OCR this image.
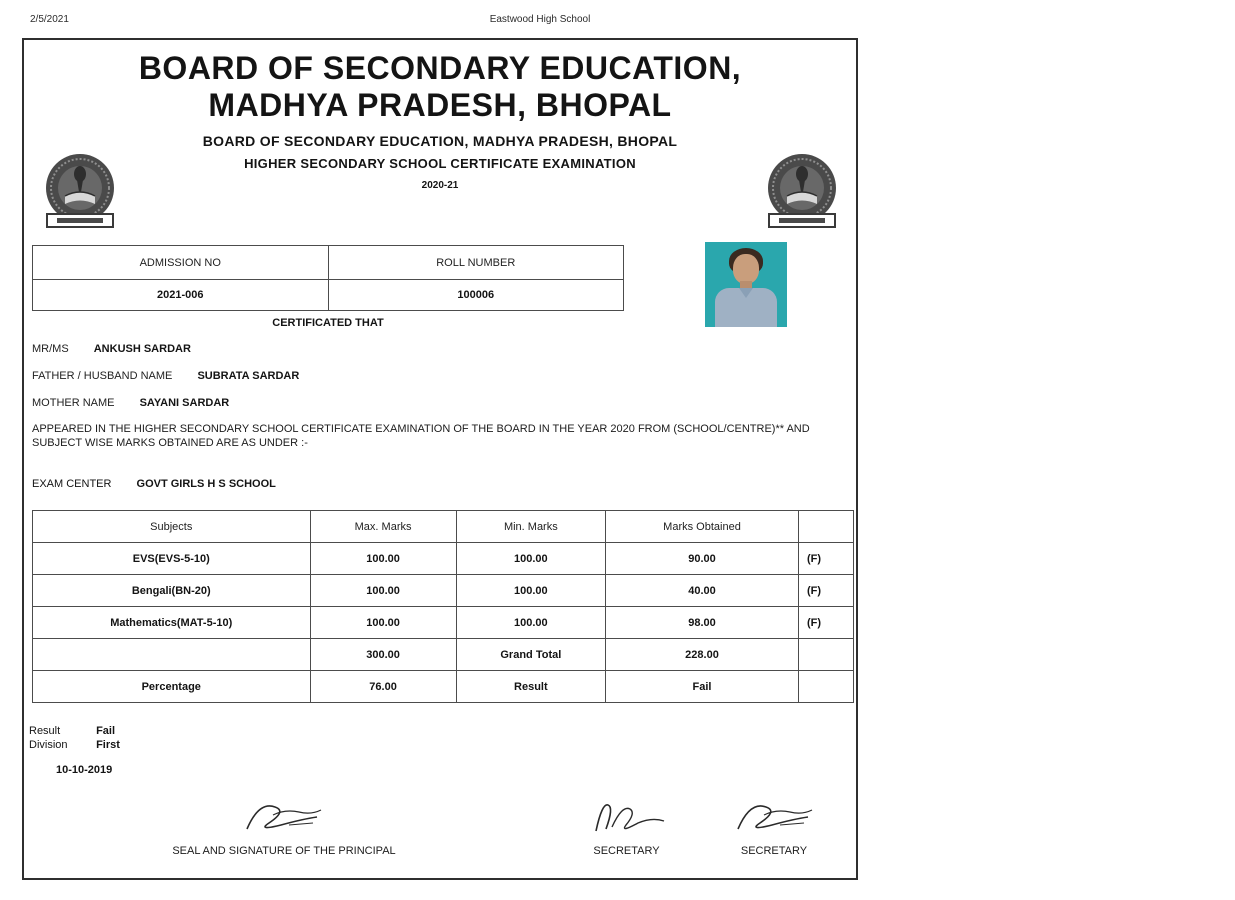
2/5/2021	Eastwood High School
BOARD OF SECONDARY EDUCATION, MADHYA PRADESH, BHOPAL
BOARD OF SECONDARY EDUCATION, MADHYA PRADESH, BHOPAL
HIGHER SECONDARY SCHOOL CERTIFICATE EXAMINATION
2020-21
ADMISSION NO	ROLL NUMBER
2021-006	100006
CERTIFICATED THAT
MR/MS ANKUSH SARDAR
FATHER / HUSBAND NAME SUBRATA SARDAR
MOTHER NAME SAYANI SARDAR
APPEARED IN THE HIGHER SECONDARY SCHOOL CERTIFICATE EXAMINATION OF THE BOARD IN THE YEAR 2020 FROM (SCHOOL/CENTRE)** AND SUBJECT WISE MARKS OBTAINED ARE AS UNDER :-
EXAM CENTER GOVT GIRLS H S SCHOOL
Subjects	Max. Marks	Min. Marks	Marks Obtained	
EVS(EVS-5-10)	100.00	100.00	90.00	(F)
Bengali(BN-20)	100.00	100.00	40.00	(F)
Mathematics(MAT-5-10)	100.00	100.00	98.00	(F)
	300.00	Grand Total	228.00	
Percentage	76.00	Result	Fail	
Result	Fail
Division	First
10-10-2019
SEAL AND SIGNATURE OF THE PRINCIPAL	SECRETARY	SECRETARY
